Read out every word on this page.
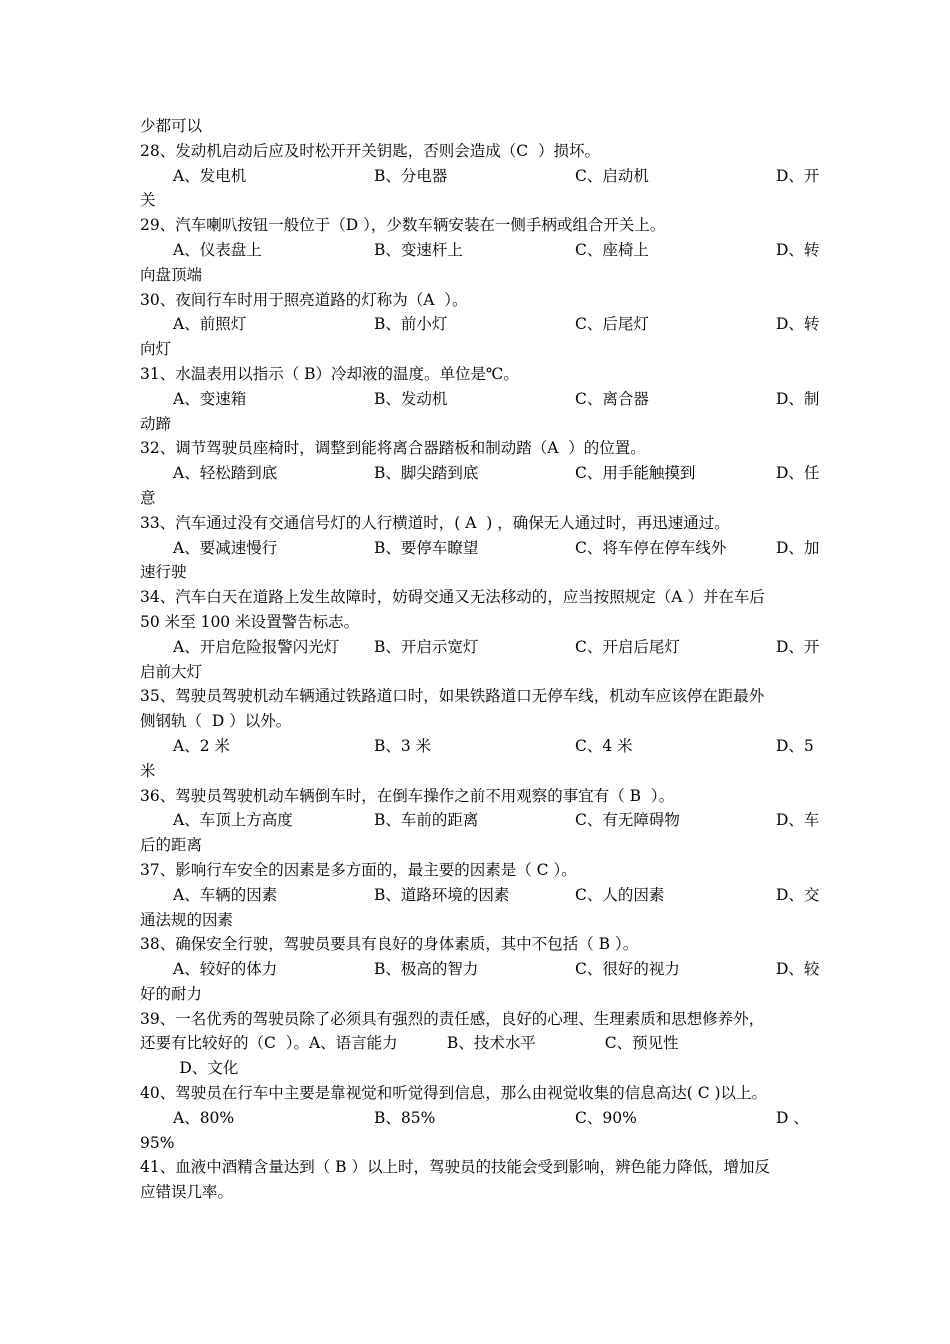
少都可以
28、发动机启动后应及时松开开关钥匙，否则会造成（C  ）损坏。
A、发电机	B、分电器	C、启动机	D、开
关
29、汽车喇叭按钮一般位于（D ），少数车辆安装在一侧手柄或组合开关上。
A、仪表盘上	B、变速杆上	C、座椅上	D、转
向盘顶端
30、夜间行车时用于照亮道路的灯称为（A  ）。
A、前照灯	B、前小灯	C、后尾灯	D、转
向灯
31、水温表用以指示（ B）冷却液的温度。单位是℃。
A、变速箱	B、发动机	C、离合器	D、制
动蹄
32、调节驾驶员座椅时，调整到能将离合器踏板和制动踏（A  ）的位置。
A、轻松踏到底	B、脚尖踏到底	C、用手能触摸到	D、任
意
33、汽车通过没有交通信号灯的人行横道时，( A  ) ，确保无人通过时，再迅速通过。
A、要减速慢行	B、要停车瞭望	C、将车停在停车线外	D、加
速行驶
34、汽车白天在道路上发生故障时，妨碍交通又无法移动的，应当按照规定（A ）并在车后
50 米至 100 米设置警告标志。
A、开启危险报警闪光灯 B、开启示宽灯	C、开启后尾灯	D、开
启前大灯
35、驾驶员驾驶机动车辆通过铁路道口时，如果铁路道口无停车线，机动车应该停在距最外
侧钢轨（  D ）以外。
A、2 米	B、3 米	C、4 米	D、5
米
36、驾驶员驾驶机动车辆倒车时，在倒车操作之前不用观察的事宜有（ B  ）。
A、车顶上方高度	B、车前的距离	C、有无障碍物	D、车
后的距离
37、影响行车安全的因素是多方面的，最主要的因素是（ C ）。
A、车辆的因素	B、道路环境的因素	C、人的因素	D、交
通法规的因素
38、确保安全行驶，驾驶员要具有良好的身体素质，其中不包括（ B ）。
A、较好的体力	B、极高的智力	C、很好的视力	D、较
好的耐力
39、一名优秀的驾驶员除了必须具有强烈的责任感，良好的心理、生理素质和思想修养外，
还要有比较好的（C  ）。A、语言能力          B、技术水平              C、预见性
D、文化
40、驾驶员在行车中主要是靠视觉和听觉得到信息，那么由视觉收集的信息高达( C )以上。
A、80%	B、85%	C、90%	D 、
95%
41、血液中酒精含量达到（ B ）以上时，驾驶员的技能会受到影响，辨色能力降低，增加反
应错误几率。
